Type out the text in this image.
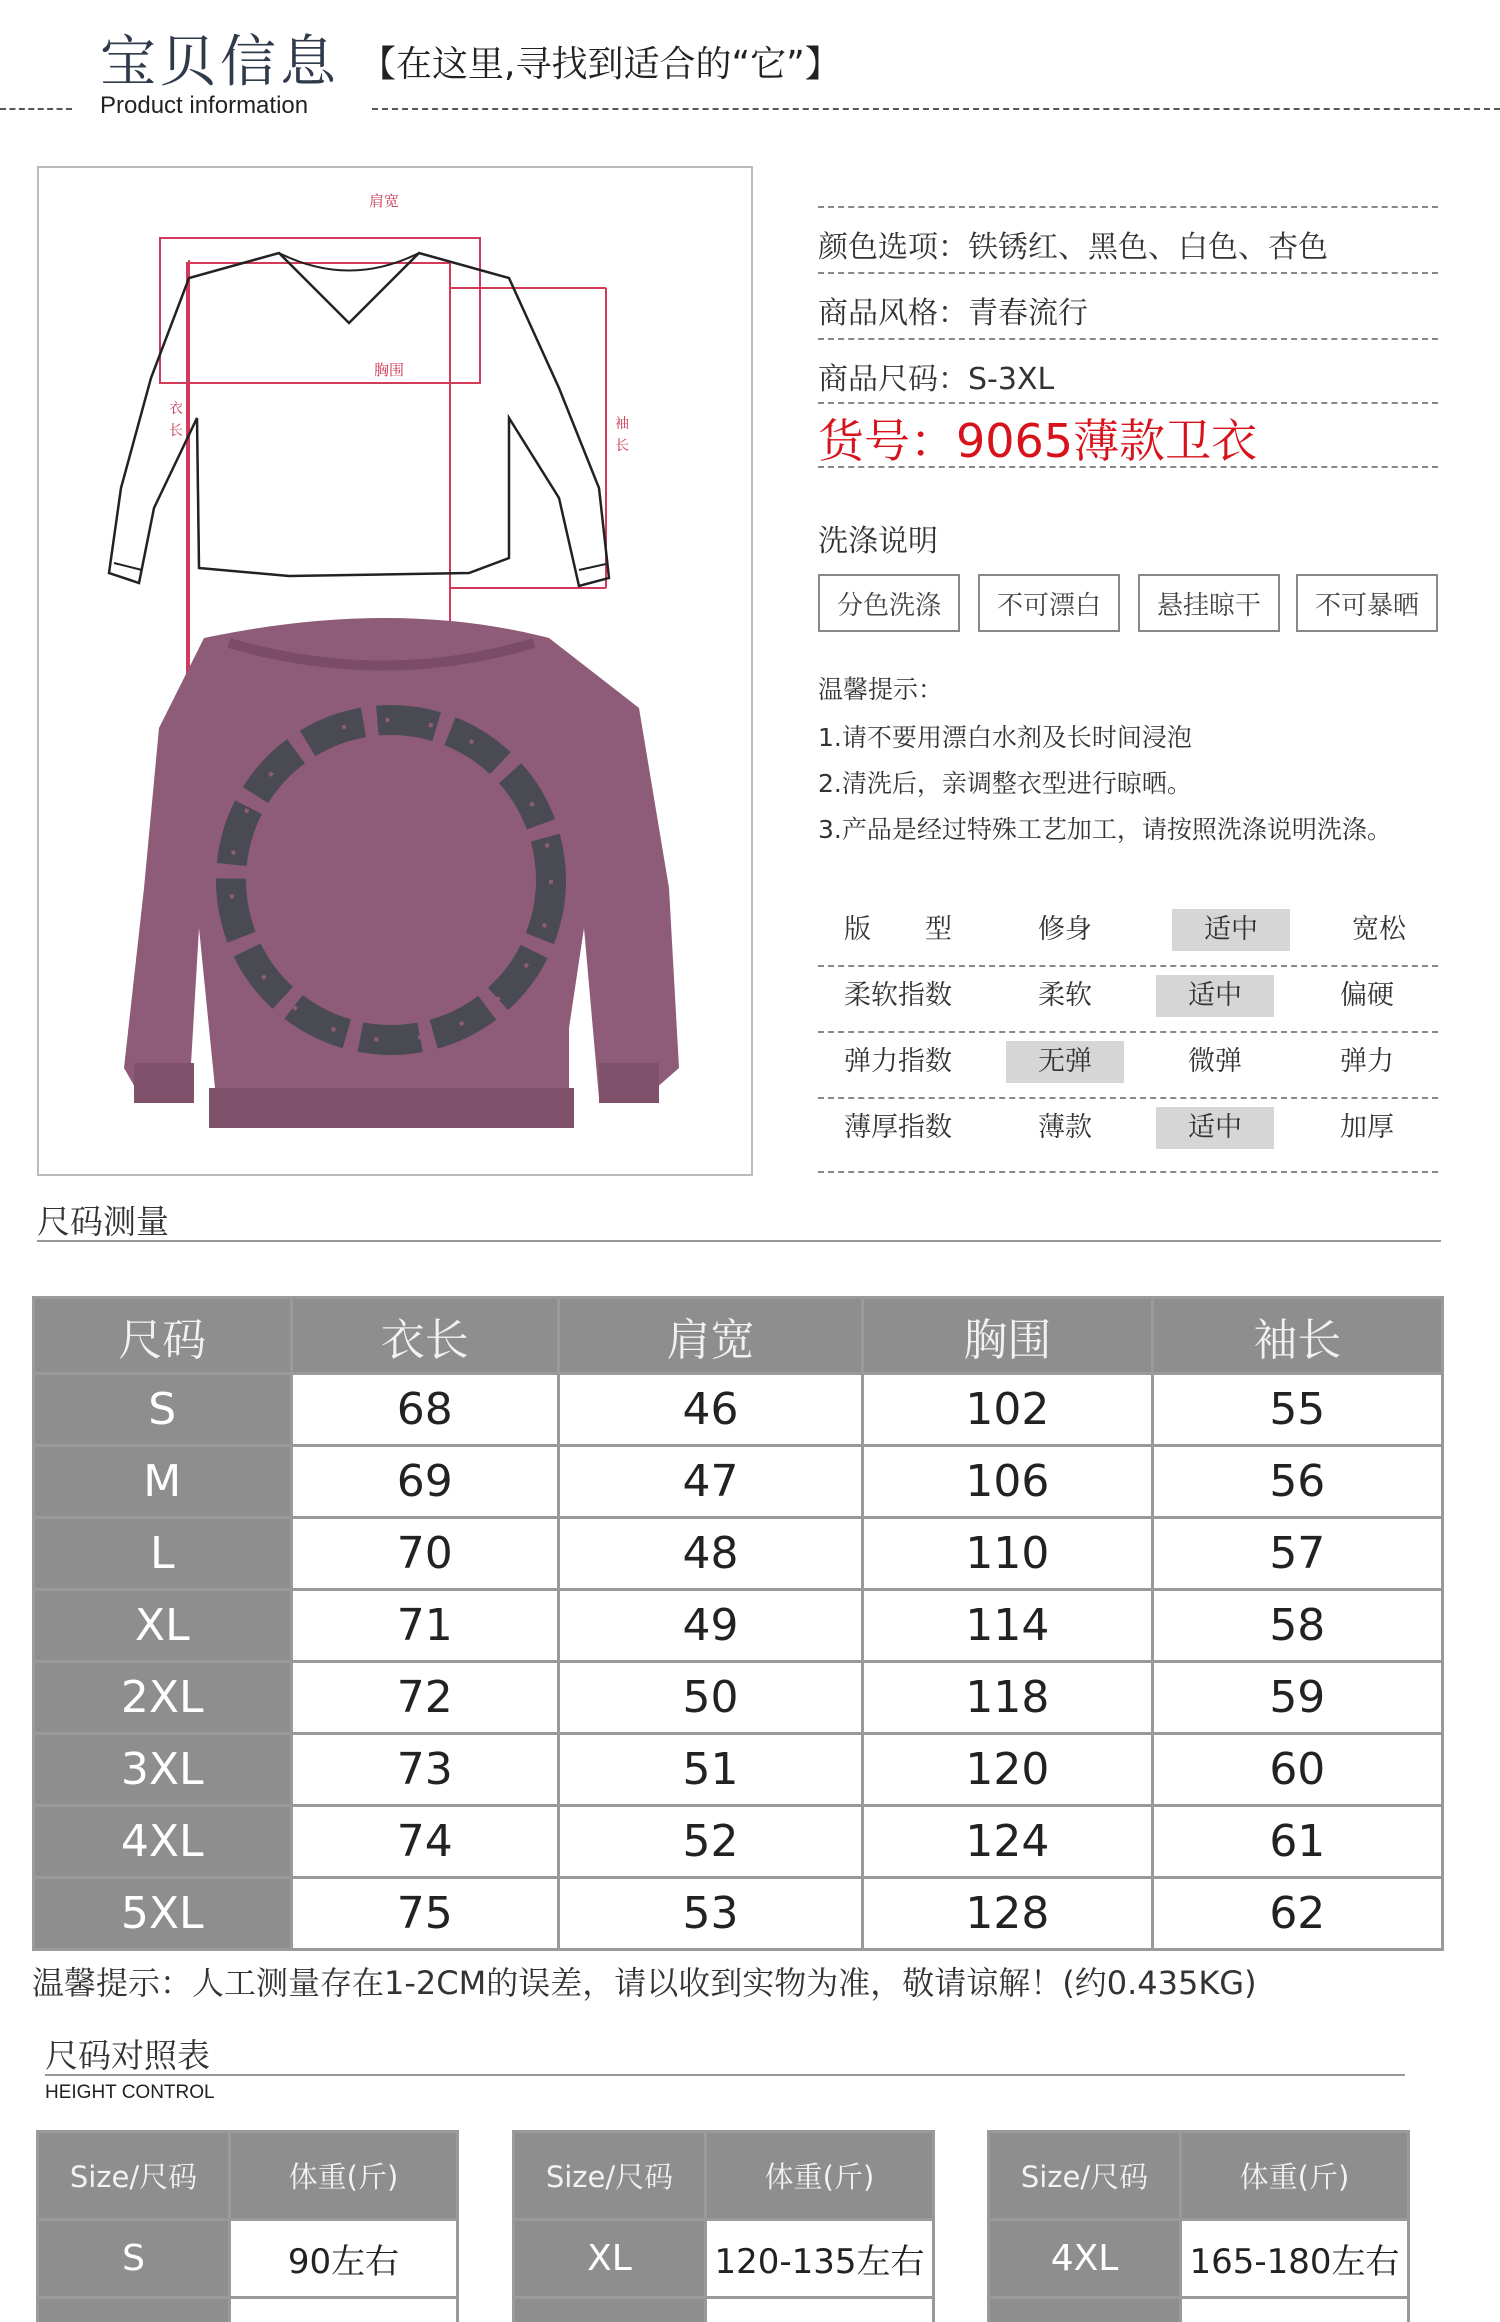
宝贝信息 【在这里,寻找到适合的“它”】
Product information
肩宽
胸围
衣长	袖长
颜色选项：铁锈红、黑色、白色、杏色
商品风格：青春流行
商品尺码：S-3XL
货号：9065薄款卫衣
洗涤说明
分色洗涤	不可漂白	悬挂晾干	不可暴晒
温馨提示：
1.请不要用漂白水剂及长时间浸泡
2.清洗后，亲调整衣型进行晾晒。
3.产品是经过特殊工艺加工，请按照洗涤说明洗涤。
版　　型	修身	适中	宽松
柔软指数	柔软	适中	偏硬
弹力指数	无弹	微弹	弹力
薄厚指数	薄款	适中	加厚
尺码测量
尺码	衣长	肩宽	胸围	袖长
S	68	46	102	55
M	69	47	106	56
L	70	48	110	57
XL	71	49	114	58
2XL	72	50	118	59
3XL	73	51	120	60
4XL	74	52	124	61
5XL	75	53	128	62
温馨提示：人工测量存在1-2CM的误差，请以收到实物为准，敬请谅解！(约0.435KG)
尺码对照表
HEIGHT CONTROL
Size/尺码	体重(斤)
S	90左右

Size/尺码	体重(斤)
XL	120-135左右

Size/尺码	体重(斤)
4XL	165-180左右
